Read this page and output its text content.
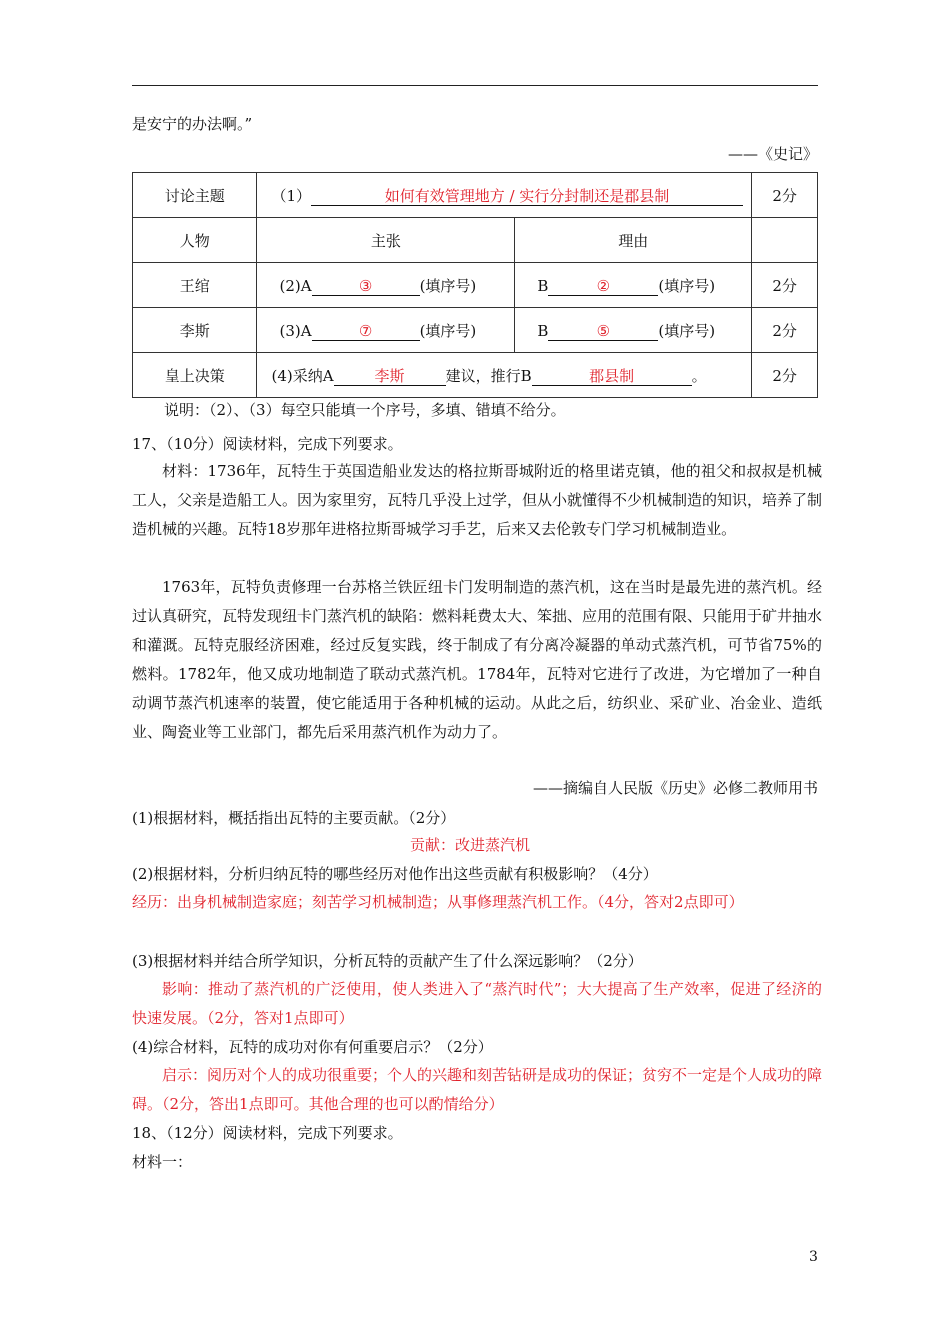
是安宁的办法啊。”
——《史记》
讨论主题	（1） 如何有效管理地方 / 实行分封制还是郡县制		2分
人物	主张	理由	
王绾	(2)A ③ (填序号)	B ② (填序号)	2分
李斯	(3)A ⑦ (填序号)	B ⑤ (填序号)	2分
皇上决策	(4)采纳A 李斯 建议，推行B 郡县制 。		2分
说明：（2）、（3）每空只能填一个序号，多填、错填不给分。
17、（10分）阅读材料，完成下列要求。
材料：1736年，瓦特生于英国造船业发达的格拉斯哥城附近的格里诺克镇，他的祖父和叔叔是机械工人，父亲是造船工人。因为家里穷，瓦特几乎没上过学，但从小就懂得不少机械制造的知识，培养了制造机械的兴趣。瓦特18岁那年进格拉斯哥城学习手艺，后来又去伦敦专门学习机械制造业。
1763年，瓦特负责修理一台苏格兰铁匠纽卡门发明制造的蒸汽机，这在当时是最先进的蒸汽机。经过认真研究，瓦特发现纽卡门蒸汽机的缺陷：燃料耗费太大、笨拙、应用的范围有限、只能用于矿井抽水和灌溉。瓦特克服经济困难，经过反复实践，终于制成了有分离冷凝器的单动式蒸汽机，可节省75%的燃料。1782年，他又成功地制造了联动式蒸汽机。1784年，瓦特对它进行了改进，为它增加了一种自动调节蒸汽机速率的装置，使它能适用于各种机械的运动。从此之后，纺织业、采矿业、冶金业、造纸业、陶瓷业等工业部门，都先后采用蒸汽机作为动力了。
——摘编自人民版《历史》必修二教师用书
(1)根据材料，概括指出瓦特的主要贡献。（2分）
贡献：改进蒸汽机
(2)根据材料，分析归纳瓦特的哪些经历对他作出这些贡献有积极影响？（4分）
经历：出身机械制造家庭；刻苦学习机械制造；从事修理蒸汽机工作。（4分，答对2点即可）
(3)根据材料并结合所学知识，分析瓦特的贡献产生了什么深远影响？（2分）
影响：推动了蒸汽机的广泛使用，使人类进入了“蒸汽时代”；大大提高了生产效率，促进了经济的快速发展。（2分，答对1点即可）
(4)综合材料，瓦特的成功对你有何重要启示？（2分）
启示：阅历对个人的成功很重要；个人的兴趣和刻苦钻研是成功的保证；贫穷不一定是个人成功的障碍。（2分，答出1点即可。其他合理的也可以酌情给分）
18、（12分）阅读材料，完成下列要求。
材料一：
3
